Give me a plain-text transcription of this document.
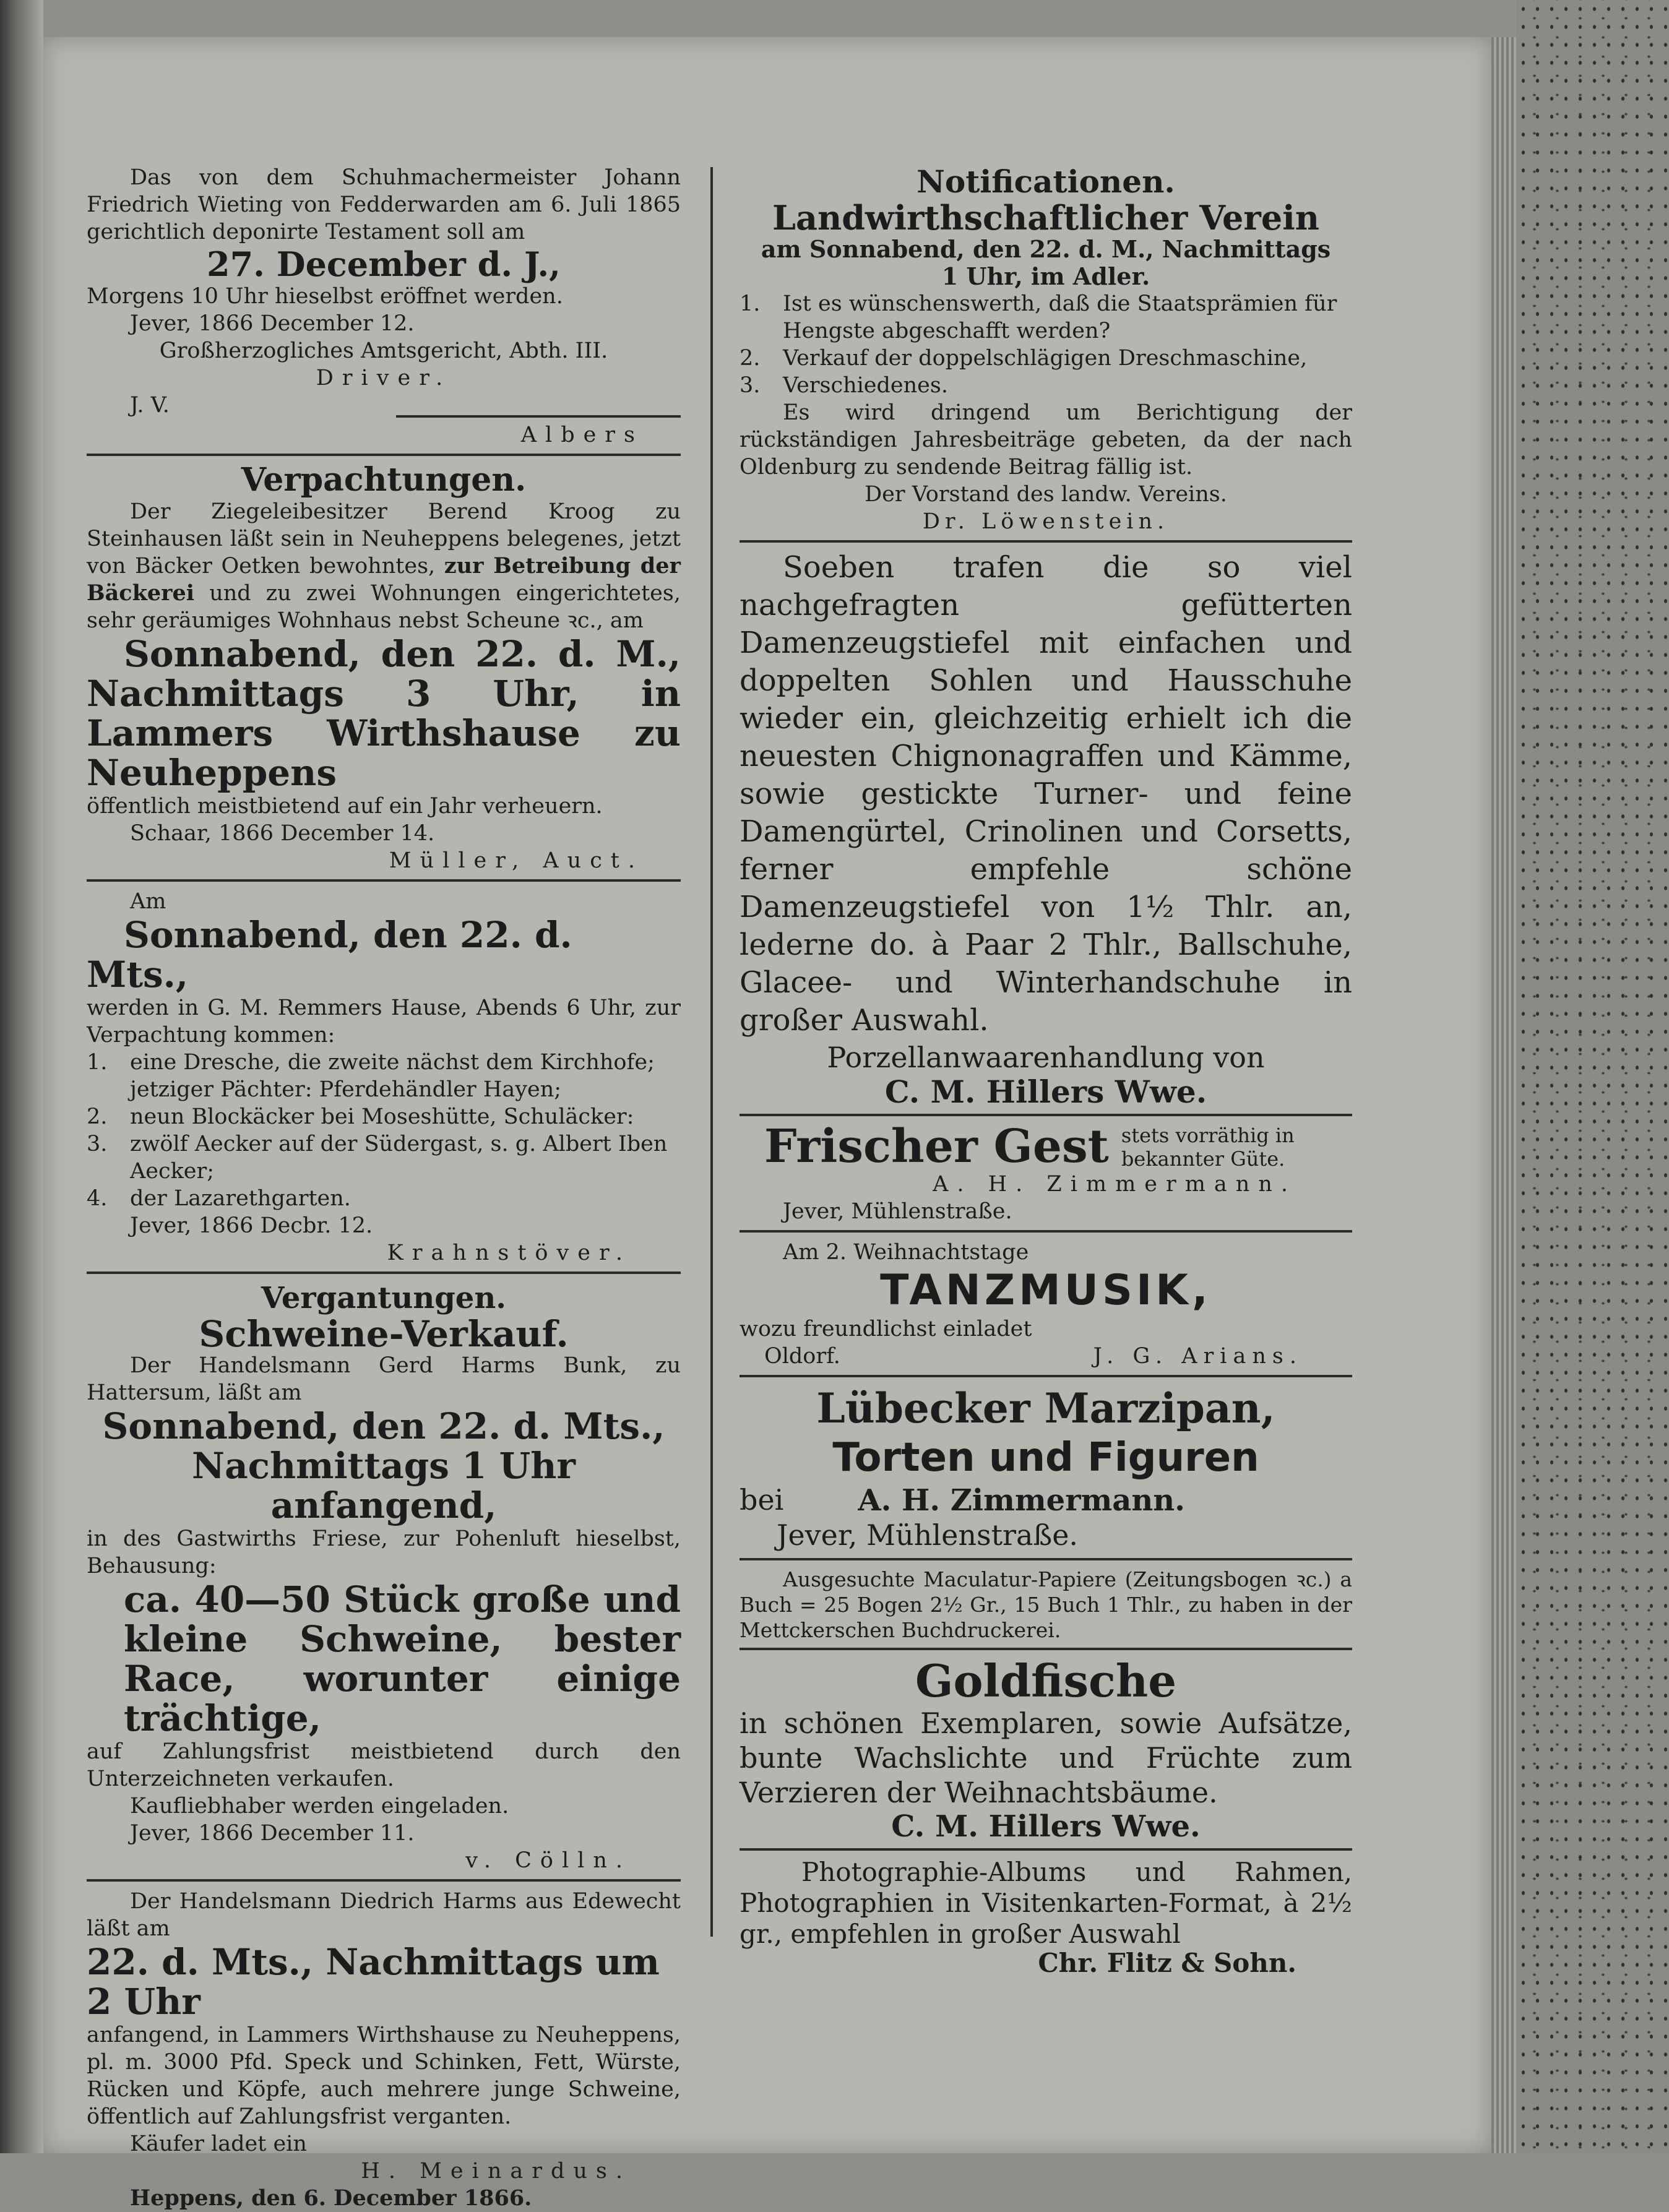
Das von dem Schuhmachermeister Johann Friedrich Wieting von Fedderwarden am 6. Juli 1865 gerichtlich deponirte Testament soll am

27. December d. J.,

Morgens 10 Uhr hieselbst eröffnet werden.

Jever, 1866 December 12.

Großherzogliches Amtsgericht, Abth. III.

Driver.

J. V.

Albers

Verpachtungen.

Der Ziegeleibesitzer Berend Kroog zu Steinhausen läßt sein in Neuheppens belegenes, jetzt von Bäcker Oetken bewohntes, zur Betreibung der Bäckerei und zu zwei Wohnungen eingerichtetes, sehr geräumiges Wohnhaus nebst Scheune ꝛc., am

Sonnabend, den 22. d. M., Nachmittags 3 Uhr, in Lammers Wirthshause zu Neuheppens

öffentlich meistbietend auf ein Jahr verheuern.

Schaar, 1866 December 14.

Müller, Auct.

Am

Sonnabend, den 22. d. Mts.,

werden in G. M. Remmers Hause, Abends 6 Uhr, zur Verpachtung kommen:

1.	eine Dresche, die zweite nächst dem Kirchhofe; jetziger Pächter: Pferdehändler Hayen;
2.	neun Blockäcker bei Moseshütte, Schuläcker:
3.	zwölf Aecker auf der Südergast, s. g. Albert Iben Aecker;
4.	der Lazarethgarten.

Jever, 1866 Decbr. 12.

Krahnstöver.

Vergantungen.

Schweine-Verkauf.

Der Handelsmann Gerd Harms Bunk, zu Hattersum, läßt am

Sonnabend, den 22. d. Mts.,

Nachmittags 1 Uhr anfangend,

in des Gastwirths Friese, zur Pohenluft hieselbst, Behausung:

ca. 40—50 Stück große und kleine Schweine, bester Race, worunter einige trächtige,

auf Zahlungsfrist meistbietend durch den Unterzeichneten verkaufen.

Kaufliebhaber werden eingeladen.

Jever, 1866 December 11.

v. Cölln.

Der Handelsmann Diedrich Harms aus Edewecht läßt am

22. d. Mts., Nachmittags um 2 Uhr

anfangend, in Lammers Wirthshause zu Neuheppens, pl. m. 3000 Pfd. Speck und Schinken, Fett, Würste, Rücken und Köpfe, auch mehrere junge Schweine, öffentlich auf Zahlungsfrist verganten.

Käufer ladet ein

H. Meinardus.

Heppens, den 6. December 1866.

Notificationen.

Landwirthschaftlicher Verein

am Sonnabend, den 22. d. M., Nachmittags

1 Uhr, im Adler.

1.	Ist es wünschenswerth, daß die Staatsprämien für Hengste abgeschafft werden?
2.	Verkauf der doppelschlägigen Dreschmaschine,
3.	Verschiedenes.

Es wird dringend um Berichtigung der rückständigen Jahresbeiträge gebeten, da der nach Oldenburg zu sendende Beitrag fällig ist.

Der Vorstand des landw. Vereins.

Dr. Löwenstein.

Soeben trafen die so viel nachgefragten gefütterten Damenzeugstiefel mit einfachen und doppelten Sohlen und Hausschuhe wieder ein, gleichzeitig erhielt ich die neuesten Chignonagraffen und Kämme, sowie gestickte Turner- und feine Damengürtel, Crinolinen und Corsetts, ferner empfehle schöne Damenzeugstiefel von 1½ Thlr. an, lederne do. à Paar 2 Thlr., Ballschuhe, Glacee- und Winterhandschuhe in großer Auswahl.

Porzellanwaarenhandlung von

C. M. Hillers Wwe.

Frischer Gest stets vorräthig in bekannter Güte.

A. H. Zimmermann.

Jever, Mühlenstraße.

Am 2. Weihnachtstage

TANZMUSIK,

wozu freundlichst einladet

Oldorf.	J. G. Arians.

Lübecker Marzipan,

Torten und Figuren

bei	A. H. Zimmermann.

Jever, Mühlenstraße.

Ausgesuchte Maculatur-Papiere (Zeitungsbogen ꝛc.) a Buch = 25 Bogen 2½ Gr., 15 Buch 1 Thlr., zu haben in der Mettckerschen Buchdruckerei.

Goldfische

in schönen Exemplaren, sowie Aufsätze, bunte Wachslichte und Früchte zum Verzieren der Weihnachtsbäume.

C. M. Hillers Wwe.

Photographie-Albums und Rahmen, Photographien in Visitenkarten-Format, à 2½ gr., empfehlen in großer Auswahl

Chr. Flitz & Sohn.
